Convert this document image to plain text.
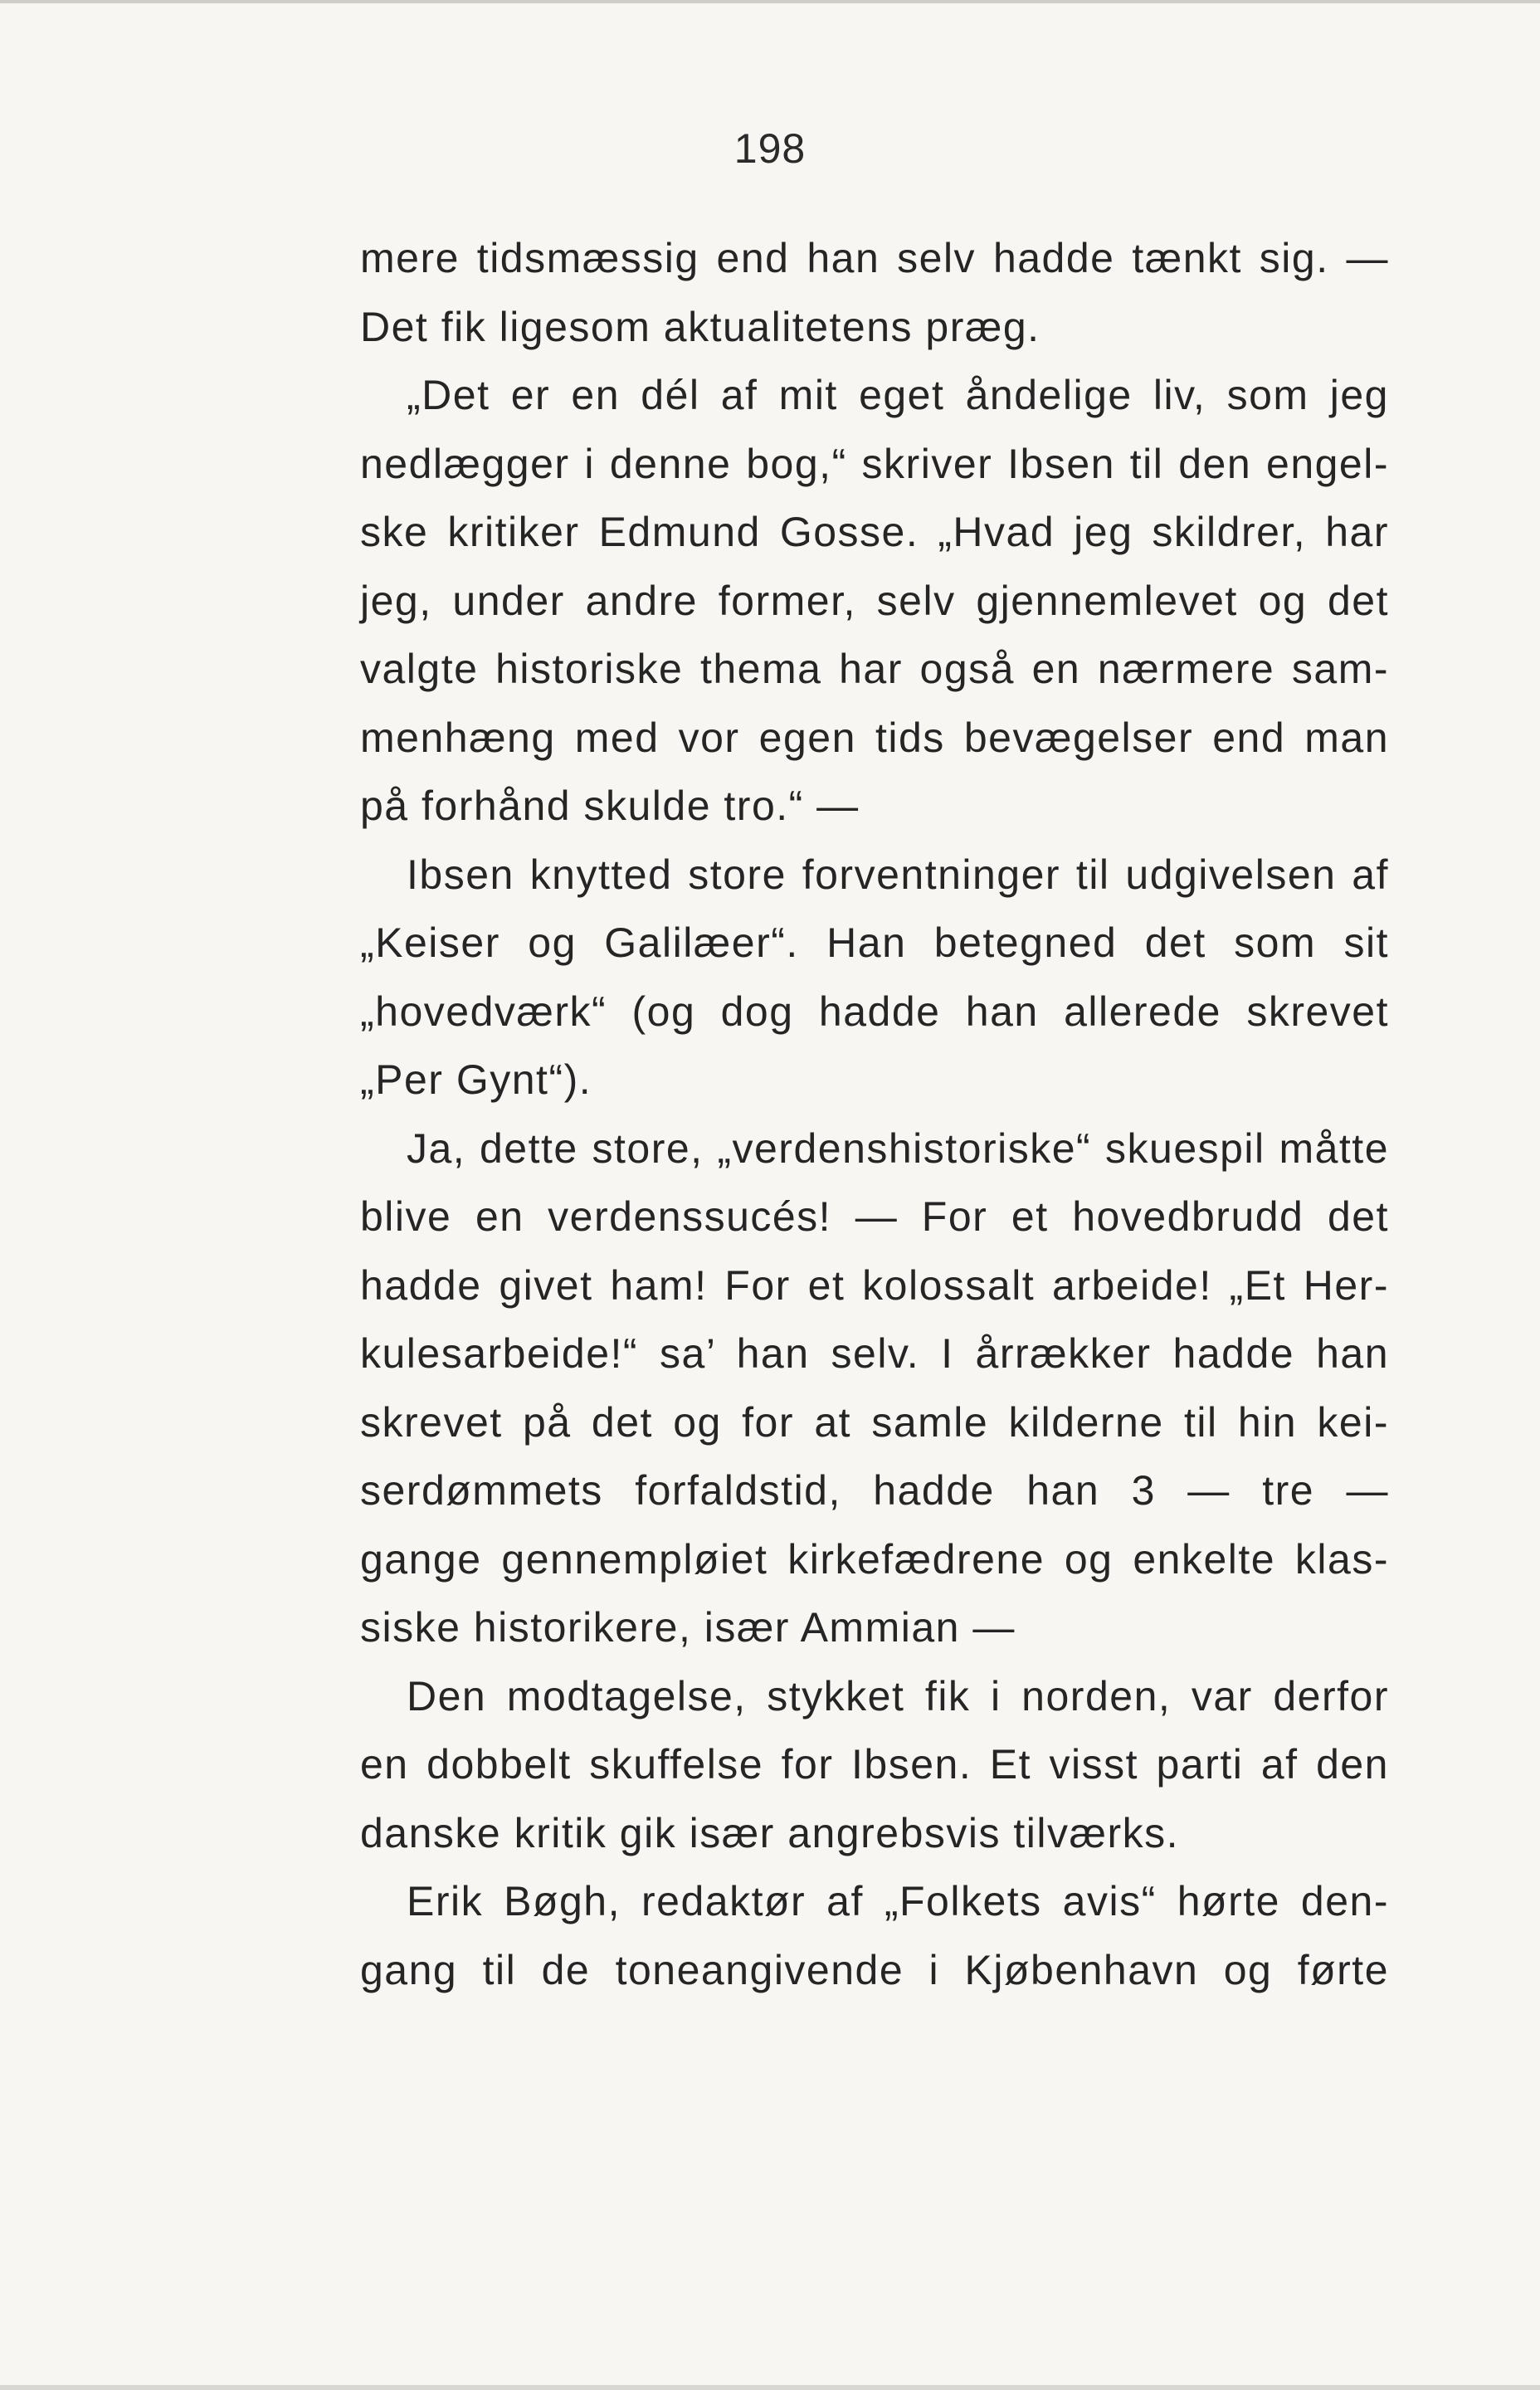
198
mere tidsmæssig end han selv hadde tænkt sig. —
Det fik ligesom aktualitetens præg.
„Det er en dél af mit eget åndelige liv, som jeg
nedlægger i denne bog,“ skriver Ibsen til den engel-
ske kritiker Edmund Gosse. „Hvad jeg skildrer, har
jeg, under andre former, selv gjennemlevet og det
valgte historiske thema har også en nærmere sam-
menhæng med vor egen tids bevægelser end man
på forhånd skulde tro.“ —
Ibsen knytted store forventninger til udgivelsen af
„Keiser og Galilæer“. Han betegned det som sit
„hovedværk“ (og dog hadde han allerede skrevet
„Per Gynt“).
Ja, dette store, „verdenshistoriske“ skuespil måtte
blive en verdenssucés! — For et hovedbrudd det
hadde givet ham! For et kolossalt arbeide! „Et Her-
kulesarbeide!“ sa’ han selv. I årrækker hadde han
skrevet på det og for at samle kilderne til hin kei-
serdømmets forfaldstid, hadde han 3 — tre —
gange gennempløiet kirkefædrene og enkelte klas-
siske historikere, især Ammian —
Den modtagelse, stykket fik i norden, var derfor
en dobbelt skuffelse for Ibsen. Et visst parti af den
danske kritik gik især angrebsvis tilværks.
Erik Bøgh, redaktør af „Folkets avis“ hørte den-
gang til de toneangivende i Kjøbenhavn og førte
